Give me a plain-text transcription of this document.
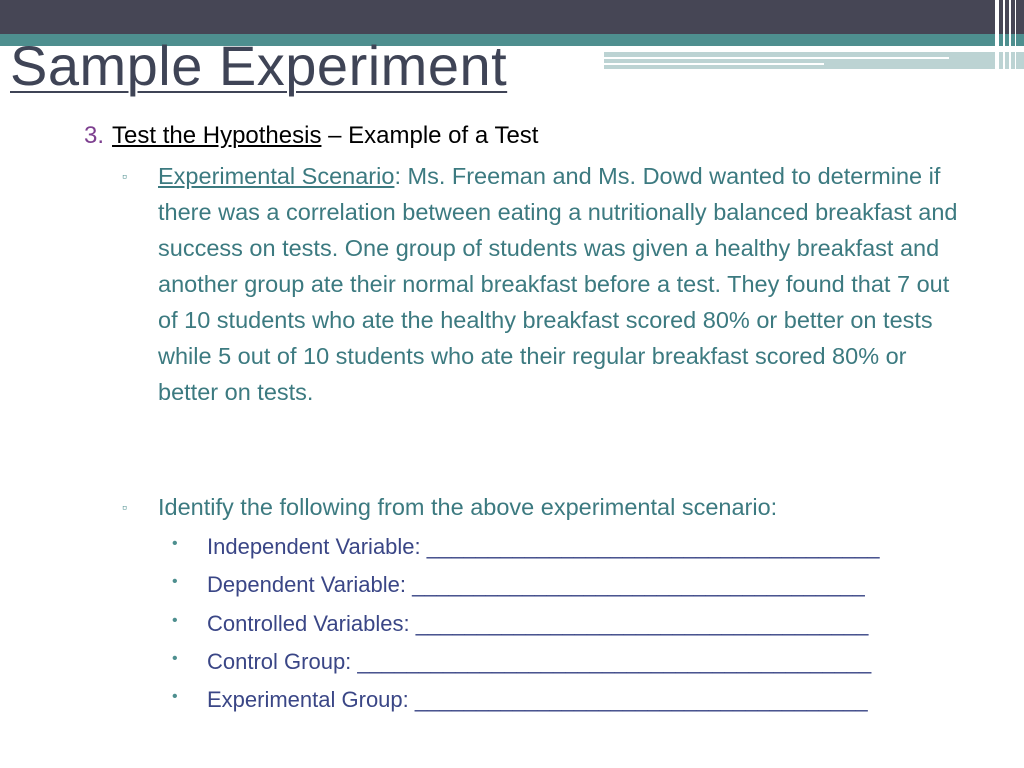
Sample Experiment
3. Test the Hypothesis – Example of a Test
▫ Experimental Scenario: Ms. Freeman and Ms. Dowd wanted to determine if there was a correlation between eating a nutritionally balanced breakfast and success on tests. One group of students was given a healthy breakfast and another group ate their normal breakfast before a test. They found that 7 out of 10 students who ate the healthy breakfast scored 80% or better on tests while 5 out of 10 students who ate their regular breakfast scored 80% or better on tests.
▫ Identify the following from the above experimental scenario:
• Independent Variable: _____________________________________
• Dependent Variable: _____________________________________
• Controlled Variables: _____________________________________
• Control Group: __________________________________________
• Experimental Group: _____________________________________
